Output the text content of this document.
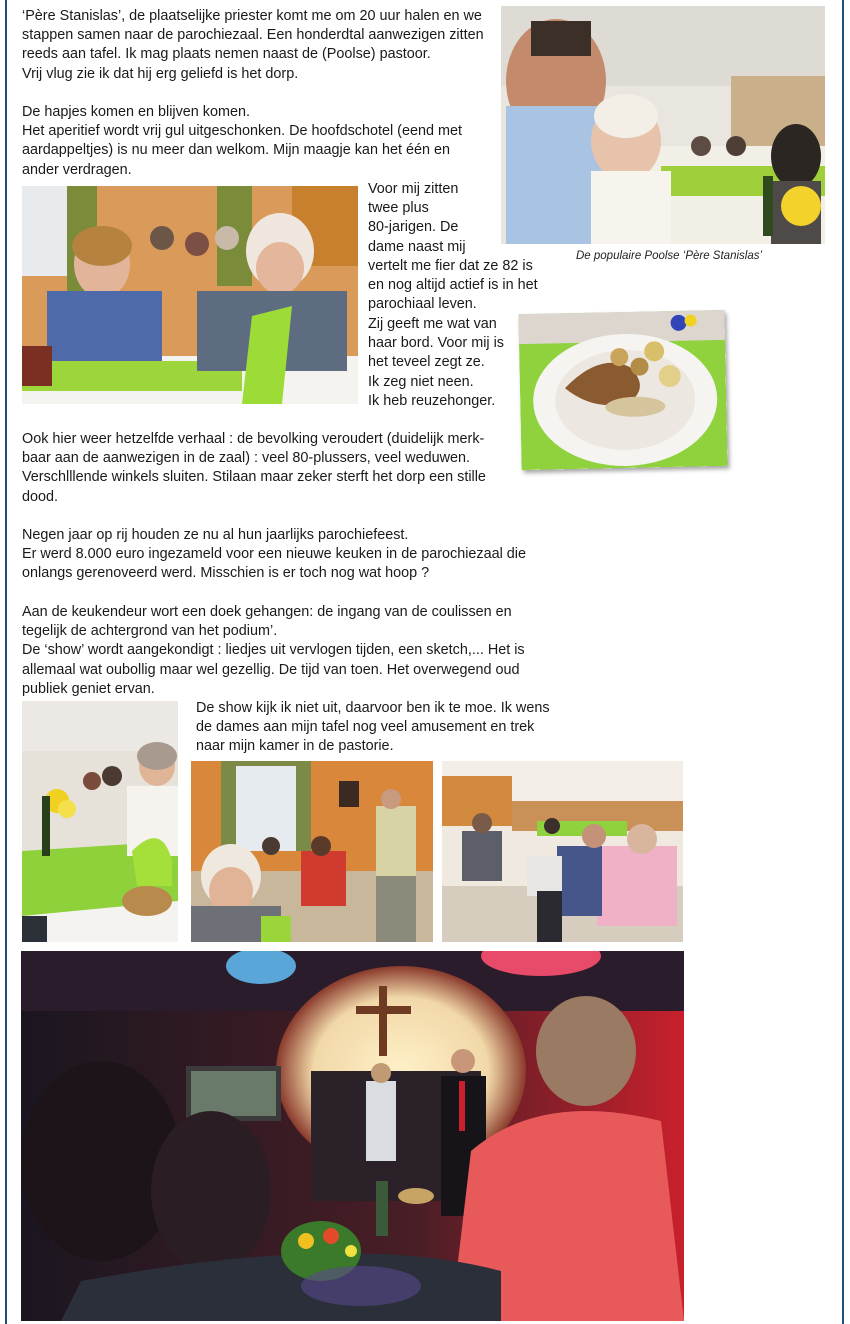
‘Père Stanislas’, de plaatselijke priester komt me om 20 uur halen en we
stappen samen naar de parochiezaal. Een honderdtal aanwezigen zitten
reeds aan tafel. Ik mag plaats nemen naast de (Poolse) pastoor.
Vrij vlug zie ik dat hij erg geliefd is het dorp.
De populaire Poolse ‘Père Stanislas’
De hapjes komen en blijven komen.
Het aperitief wordt vrij gul uitgeschonken. De hoofdschotel (eend met
aardappeltjes) is nu meer dan welkom. Mijn maagje kan het één en
ander verdragen.
Voor mij zitten
twee plus
80-jarigen. De
dame naast mij
vertelt me fier dat ze 82 is
en nog altijd actief is in het
parochiaal leven.
Zij geeft me wat van
haar bord. Voor mij is
het teveel zegt ze.
Ik zeg niet neen.
Ik heb reuzehonger.
Ook hier weer hetzelfde verhaal : de bevolking veroudert (duidelijk merk-
baar aan de aanwezigen in de zaal) : veel 80-plussers, veel weduwen.
Verschlllende winkels sluiten. Stilaan maar zeker sterft het dorp een stille
dood.
Negen jaar op rij houden ze nu al hun jaarlijks parochiefeest.
Er werd 8.000 euro ingezameld voor een nieuwe keuken in de parochiezaal die
onlangs gerenoveerd werd. Misschien is er toch nog wat hoop ?
Aan de keukendeur wort een doek gehangen: de ingang van de coulissen en
tegelijk de achtergrond van het podium’.
De ‘show’ wordt aangekondigt : liedjes uit vervlogen tijden, een sketch,... Het is
allemaal wat oubollig maar wel gezellig. De tijd van toen. Het overwegend oud
publiek geniet ervan.
De show kijk ik niet uit, daarvoor ben ik te moe. Ik wens
de dames aan mijn tafel nog veel amusement en trek
naar mijn kamer in de pastorie.
